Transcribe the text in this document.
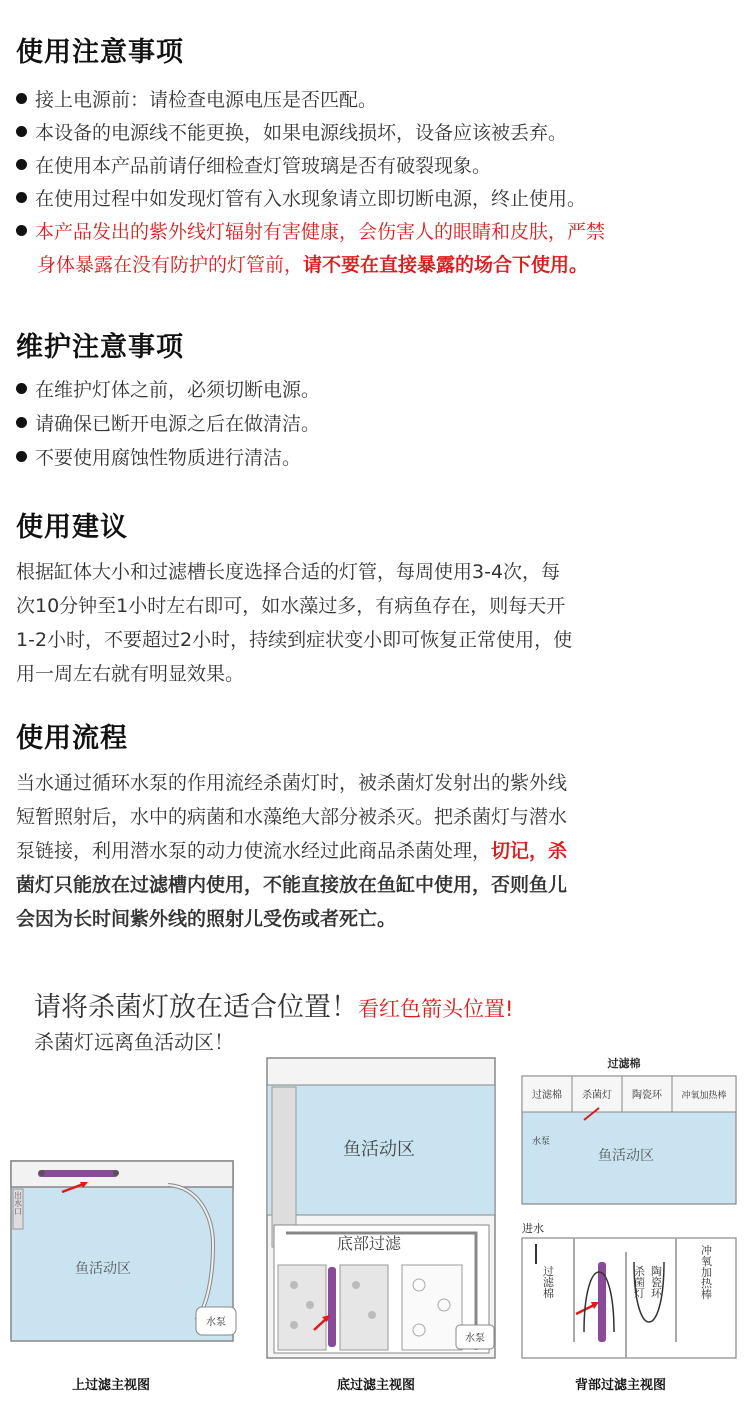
使用注意事项
接上电源前：请检查电源电压是否匹配。
本设备的电源线不能更换，如果电源线损坏，设备应该被丢弃。
在使用本产品前请仔细检查灯管玻璃是否有破裂现象。
在使用过程中如发现灯管有入水现象请立即切断电源，终止使用。
本产品发出的紫外线灯辐射有害健康，会伤害人的眼睛和皮肤，严禁
身体暴露在没有防护的灯管前，请不要在直接暴露的场合下使用。
维护注意事项
在维护灯体之前，必须切断电源。
请确保已断开电源之后在做清洁。
不要使用腐蚀性物质进行清洁。
使用建议
根据缸体大小和过滤槽长度选择合适的灯管，每周使用3-4次，每
次10分钟至1小时左右即可，如水藻过多，有病鱼存在，则每天开
1-2小时，不要超过2小时，持续到症状变小即可恢复正常使用，使
用一周左右就有明显效果。
使用流程
当水通过循环水泵的作用流经杀菌灯时，被杀菌灯发射出的紫外线
短暂照射后，水中的病菌和水藻绝大部分被杀灭。把杀菌灯与潜水
泵链接，利用潜水泵的动力使流水经过此商品杀菌处理，切记，杀
菌灯只能放在过滤槽内使用，不能直接放在鱼缸中使用，否则鱼儿
会因为长时间紫外线的照射儿受伤或者死亡。
请将杀菌灯放在适合位置！看红色箭头位置!
杀菌灯远离鱼活动区！
出水口
水泵
鱼活动区
上过滤主视图
鱼活动区
底部过滤
水泵
底过滤主视图
过滤棉
过滤棉 杀菌灯 陶瓷环 冲氧加热棒
水泵
鱼活动区
进水
过滤棉	杀菌灯 陶瓷环	冲氧加热棒
背部过滤主视图
